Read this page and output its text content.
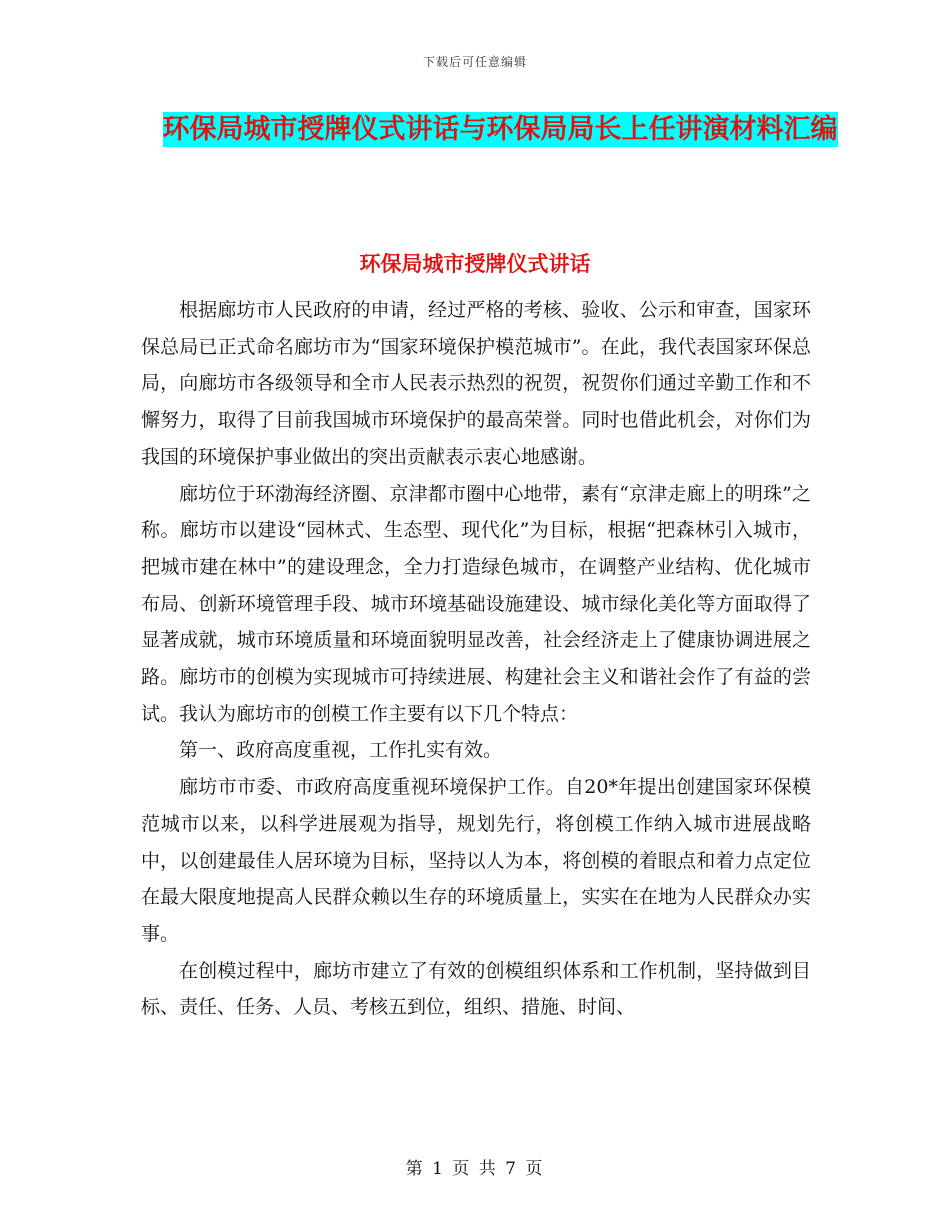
下载后可任意编辑
环保局城市授牌仪式讲话与环保局局长上任讲演材料汇编
环保局城市授牌仪式讲话

根据廊坊市人民政府的申请，经过严格的考核、验收、公示和审查，国家环保总局已正式命名廊坊市为“国家环境保护模范城市”。在此，我代表国家环保总局，向廊坊市各级领导和全市人民表示热烈的祝贺，祝贺你们通过辛勤工作和不懈努力，取得了目前我国城市环境保护的最高荣誉。同时也借此机会，对你们为我国的环境保护事业做出的突出贡献表示衷心地感谢。

廊坊位于环渤海经济圈、京津都市圈中心地带，素有“京津走廊上的明珠”之称。廊坊市以建设“园林式、生态型、现代化”为目标，根据“把森林引入城市，把城市建在林中”的建设理念，全力打造绿色城市，在调整产业结构、优化城市布局、创新环境管理手段、城市环境基础设施建设、城市绿化美化等方面取得了显著成就，城市环境质量和环境面貌明显改善，社会经济走上了健康协调进展之路。廊坊市的创模为实现城市可持续进展、构建社会主义和谐社会作了有益的尝试。我认为廊坊市的创模工作主要有以下几个特点：

第一、政府高度重视，工作扎实有效。

廊坊市市委、市政府高度重视环境保护工作。自20*年提出创建国家环保模范城市以来，以科学进展观为指导，规划先行，将创模工作纳入城市进展战略中，以创建最佳人居环境为目标，坚持以人为本，将创模的着眼点和着力点定位在最大限度地提高人民群众赖以生存的环境质量上，实实在在地为人民群众办实事。

在创模过程中，廊坊市建立了有效的创模组织体系和工作机制，坚持做到目标、责任、任务、人员、考核五到位，组织、措施、时间、

第 1 页 共 7 页
